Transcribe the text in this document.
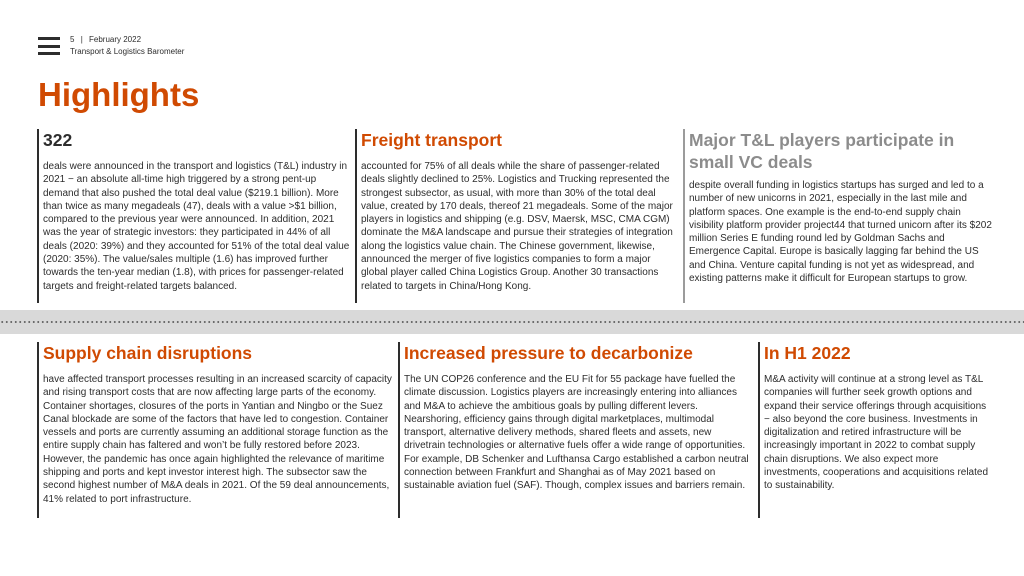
5 | February 2022
Transport & Logistics Barometer
Highlights
322

deals were announced in the transport and logistics (T&L) industry in 2021 − an absolute all-time high triggered by a strong pent-up demand that also pushed the total deal value ($219.1 billion). More than twice as many megadeals (47), deals with a value >$1 billion, compared to the previous year were announced. In addition, 2021 was the year of strategic investors: they participated in 44% of all deals (2020: 39%) and they accounted for 51% of the total deal value (2020: 35%). The value/sales multiple (1.6) has improved further towards the ten-year median (1.8), with prices for passenger-related targets and freight-related targets balanced.

Freight transport

accounted for 75% of all deals while the share of passenger-related deals slightly declined to 25%. Logistics and Trucking represented the strongest subsector, as usual, with more than 30% of the total deal value, created by 170 deals, thereof 21 megadeals. Some of the major players in logistics and shipping (e.g. DSV, Maersk, MSC, CMA CGM) dominate the M&A landscape and pursue their strategies of integration along the logistics value chain. The Chinese government, likewise, announced the merger of five logistics companies to form a major global player called China Logistics Group. Another 30 transactions related to targets in China/Hong Kong.

Major T&L players participate in small VC deals

despite overall funding in logistics startups has surged and led to a number of new unicorns in 2021, especially in the last mile and platform spaces. One example is the end-to-end supply chain visibility platform provider project44 that turned unicorn after its $202 million Series E funding round led by Goldman Sachs and Emergence Capital. Europe is basically lagging far behind the US and China. Venture capital funding is not yet as widespread, and existing patterns make it difficult for European startups to grow.

Supply chain disruptions

have affected transport processes resulting in an increased scarcity of capacity and rising transport costs that are now affecting large parts of the economy. Container shortages, closures of the ports in Yantian and Ningbo or the Suez Canal blockade are some of the factors that have led to congestion. Container vessels and ports are currently assuming an additional storage function as the entire supply chain has faltered and won’t be fully restored before 2023. However, the pandemic has once again highlighted the relevance of maritime shipping and ports and kept investor interest high. The subsector saw the second highest number of M&A deals in 2021. Of the 59 deal announcements, 41% related to port infrastructure.

Increased pressure to decarbonize

The UN COP26 conference and the EU Fit for 55 package have fuelled the climate discussion. Logistics players are increasingly entering into alliances and M&A to achieve the ambitious goals by pulling different levers. Nearshoring, efficiency gains through digital marketplaces, multimodal transport, alternative delivery methods, shared fleets and assets, new drivetrain technologies or alternative fuels offer a wide range of opportunities. For example, DB Schenker and Lufthansa Cargo established a carbon neutral connection between Frankfurt and Shanghai as of May 2021 based on sustainable aviation fuel (SAF). Though, complex issues and barriers remain.

In H1 2022

M&A activity will continue at a strong level as T&L companies will further seek growth options and expand their service offerings through acquisitions − also beyond the core business. Investments in digitalization and retired infrastructure will be increasingly important in 2022 to combat supply chain disruptions. We also expect more investments, cooperations and acquisitions related to sustainability.
